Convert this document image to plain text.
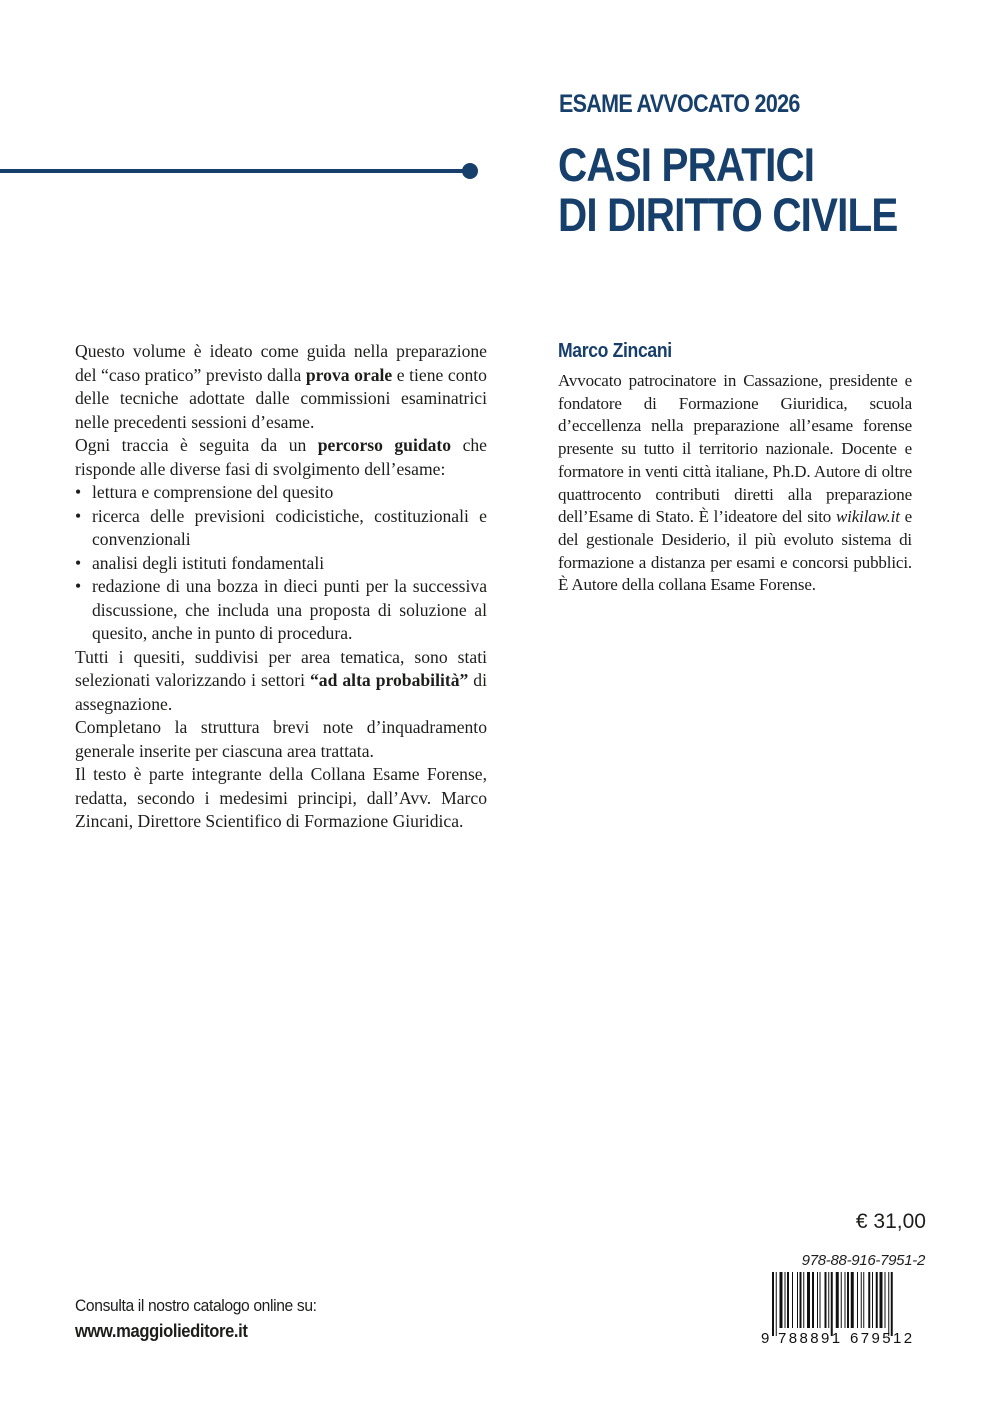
ESAME AVVOCATO 2026
CASI PRATICI
DI DIRITTO CIVILE

Questo volume è ideato come guida nella preparazione del “caso pratico” previsto dalla prova orale e tiene conto delle tecniche adottate dalle commissioni esaminatrici nelle precedenti sessioni d’esame.

Ogni traccia è seguita da un percorso guidato che risponde alle diverse fasi di svolgimento dell’esame:

• lettura e comprensione del quesito
• ricerca delle previsioni codicistiche, costituzionali e convenzionali
• analisi degli istituti fondamentali
• redazione di una bozza in dieci punti per la successiva discussione, che includa una proposta di soluzione al quesito, anche in punto di procedura.

Tutti i quesiti, suddivisi per area tematica, sono stati selezionati valorizzando i settori “ad alta probabilità” di assegnazione.

Completano la struttura brevi note d’inquadramento generale inserite per ciascuna area trattata.

Il testo è parte integrante della Collana Esame Forense, redatta, secondo i medesimi principi, dall’Avv. Marco Zincani, Direttore Scientifico di Formazione Giuridica.

Marco Zincani

Avvocato patrocinatore in Cassazione, presidente e fondatore di Formazione Giuridica, scuola d’eccellenza nella preparazione all’esame forense presente su tutto il territorio nazionale. Docente e formatore in venti città italiane, Ph.D. Autore di oltre quattrocento contributi diretti alla preparazione dell’Esame di Stato. È l’ideatore del sito wikilaw.it e del gestionale Desiderio, il più evoluto sistema di formazione a distanza per esami e concorsi pubblici. È Autore della collana Esame Forense.

Consulta il nostro catalogo online su:
www.maggiolieditore.it
€ 31,00
978-88-916-7951-2
9 788891 679512
